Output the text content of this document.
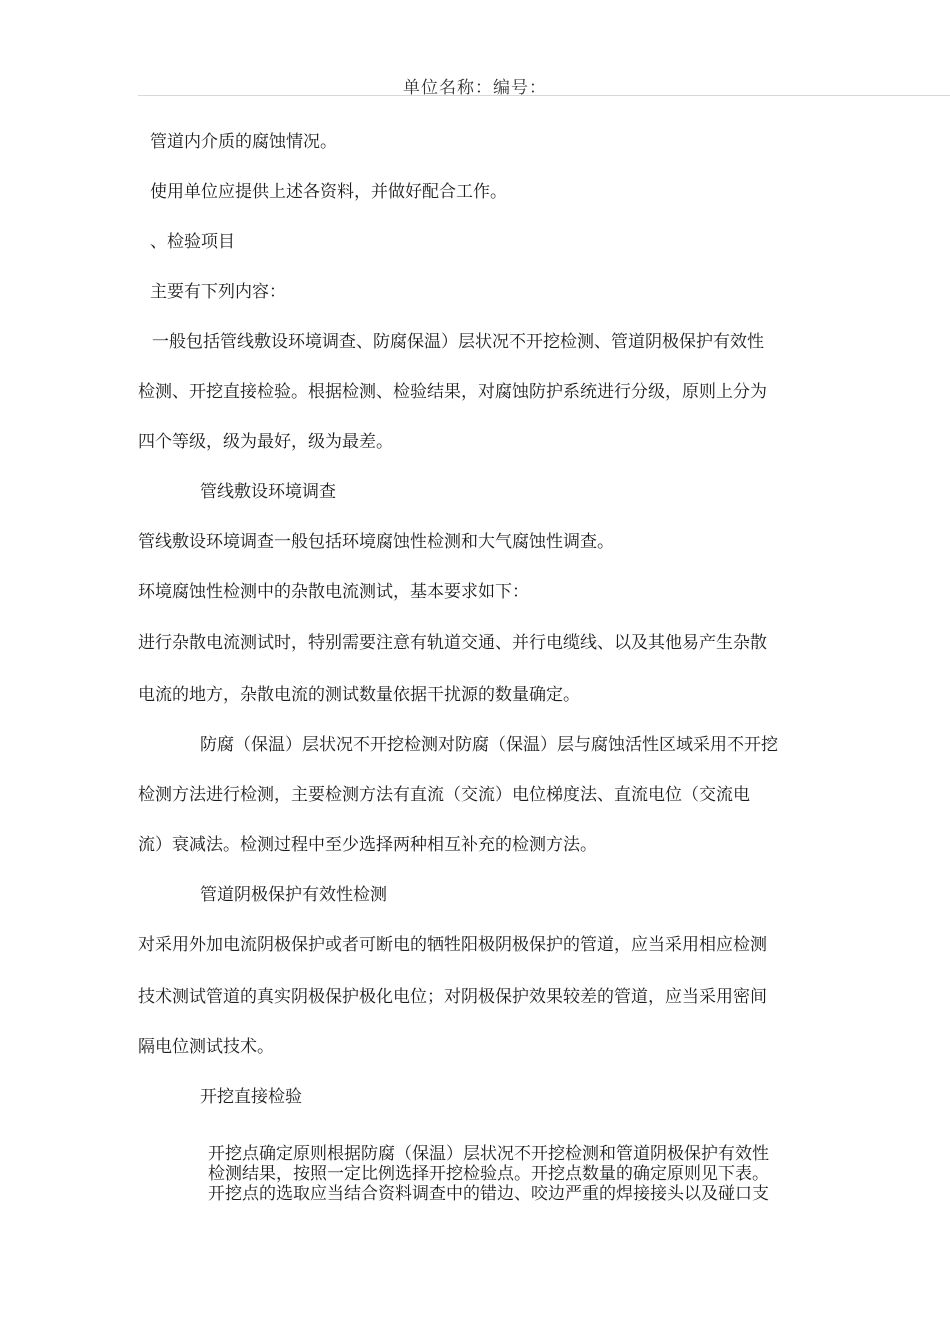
单位名称：编号：
管道内介质的腐蚀情况。
使用单位应提供上述各资料，并做好配合工作。
、检验项目
主要有下列内容：
一般包括管线敷设环境调查、防腐保温）层状况不开挖检测、管道阴极保护有效性
检测、开挖直接检验。根据检测、检验结果，对腐蚀防护系统进行分级，原则上分为
四个等级，级为最好，级为最差。
管线敷设环境调查
管线敷设环境调查一般包括环境腐蚀性检测和大气腐蚀性调查。
环境腐蚀性检测中的杂散电流测试，基本要求如下：
进行杂散电流测试时，特别需要注意有轨道交通、并行电缆线、以及其他易产生杂散
电流的地方，杂散电流的测试数量依据干扰源的数量确定。
防腐（保温）层状况不开挖检测对防腐（保温）层与腐蚀活性区域采用不开挖
检测方法进行检测，主要检测方法有直流（交流）电位梯度法、直流电位（交流电
流）衰减法。检测过程中至少选择两种相互补充的检测方法。
管道阴极保护有效性检测
对采用外加电流阴极保护或者可断电的牺牲阳极阴极保护的管道，应当采用相应检测
技术测试管道的真实阴极保护极化电位；对阴极保护效果较差的管道，应当采用密间
隔电位测试技术。
开挖直接检验
开挖点确定原则根据防腐（保温）层状况不开挖检测和管道阴极保护有效性
检测结果，按照一定比例选择开挖检验点。开挖点数量的确定原则见下表。
开挖点的选取应当结合资料调查中的错边、咬边严重的焊接接头以及碰口支
